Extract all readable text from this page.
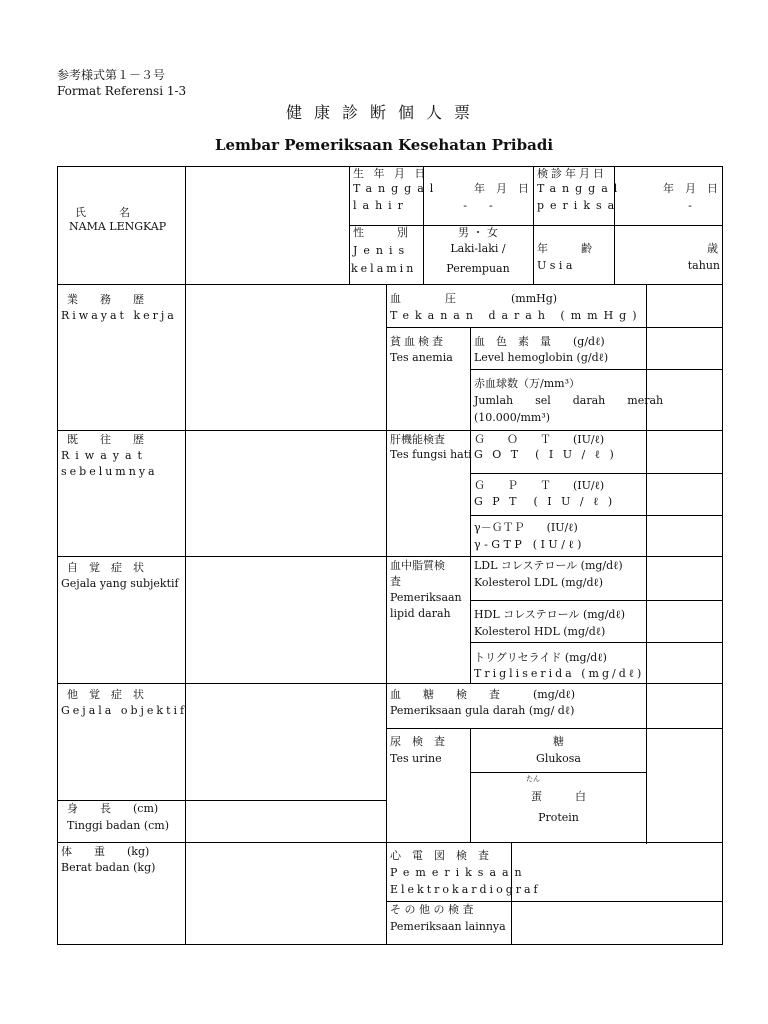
参考様式第１－３号
Format Referensi 1-3
健康診断個人票
Lembar Pemeriksaan Kesehatan Pribadi
氏　　　名
NAMA LENGKAP
生 年 月 日
Tanggal
lahir
年　月　日
-　　-
検診年月日
Tanggal
periksa
年　月　日
-
性　　　別
Jenis
kelamin
男 ・ 女
Laki-laki /
Perempuan
年　　　齢
U s i a
歳
tahun
業　　務　　歴
Riwayat kerja
既　　往　　歴
Riwayat
sebelumnya
自　覚　症　状
Gejala yang subjektif
他　覚　症　状
Gejala objektif
身　　長　　(cm)
Tinggi badan (cm)
体　　重　　(kg)
Berat badan (kg)
血　　　　圧　　　　　(mmHg)
Tekanan darah (mmHg)
貧血検査
Tes anemia
血　色　素　量　　(g/dℓ)
Level hemoglobin (g/dℓ)
赤血球数（万/mm³）
Jumlah　　sel　　darah　　merah
(10.000/mm³)
肝機能検査
Tes fungsi hati
Ｇ　　Ｏ　　Ｔ　　(IU/ℓ)
G O T　( I U / ℓ )
Ｇ　　Ｐ　　Ｔ　　(IU/ℓ)
G P T　( I U / ℓ )
γ－ＧＴＰ　　(IU/ℓ)
γ - G T P　( I U / ℓ )
血中脂質検
査
Pemeriksaan
lipid darah
LDL コレステロール (mg/dℓ)
Kolesterol LDL (mg/dℓ)
HDL コレステロール (mg/dℓ)
Kolesterol HDL (mg/dℓ)
トリグリセライド (mg/dℓ)
Trigliserida (mg/dℓ)
血　　糖　　検　　査　　　(mg/dℓ)
Pemeriksaan gula darah (mg/ dℓ)
尿　検　査
Tes urine
糖
Glukosa
たん
蛋　　　白
Protein
心　電　図　検　査
Pemeriksaan
Elektrokardiograf
そ の 他 の 検 査
Pemeriksaan lainnya
